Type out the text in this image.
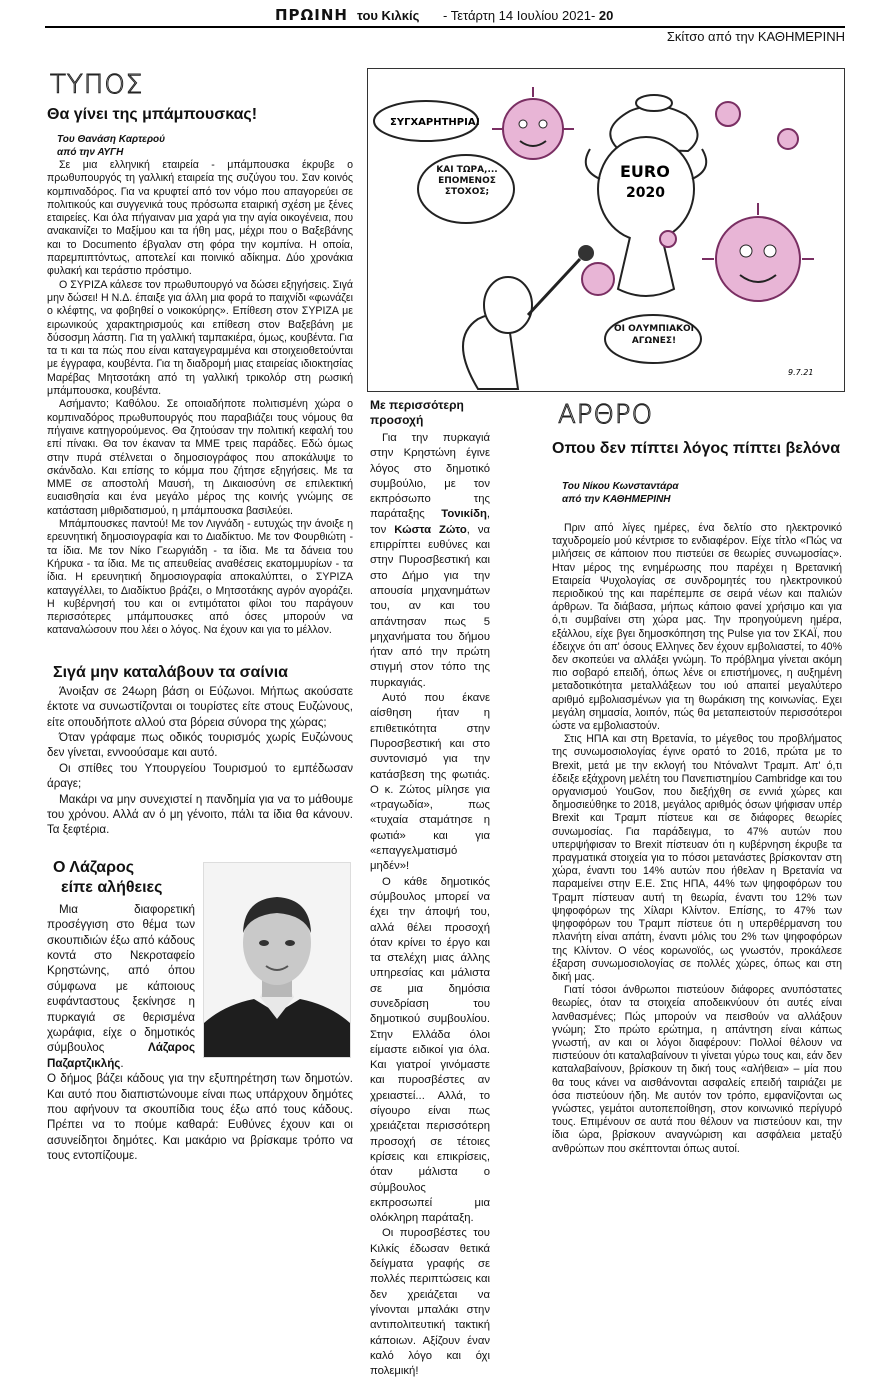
ΠΡΩΙΝΗ του Κιλκίς - Τετάρτη 14 Ιουλίου 2021- 20
Σκίτσο από την ΚΑΘΗΜΕΡΙΝΗ
ΤΥΠΟΣ
Θα γίνει της μπάμπουσκας!
Του Θανάση Καρτερού
από την ΑΥΓΗ

Σε μια ελληνική εταιρεία - μπάμπουσκα έκρυβε ο πρωθυπουργός τη γαλλική εταιρεία της συζύγου του. Σαν κοινός κομπιναδόρος. Για να κρυφτεί από τον νόμο που απαγορεύει σε πολιτικούς και συγγενικά τους πρόσωπα εταιρική σχέση με ξένες εταιρείες. Και όλα πήγαιναν μια χαρά για την αγία οικογένεια, που ανακαινίζει το Μαξίμου και τα ήθη μας, μέχρι που ο Βαξεβάνης και το Documento έβγαλαν στη φόρα την κομπίνα. Η οποία, παρεμπιπτόντως, αποτελεί και ποινικό αδίκημα. Δύο χρονάκια φυλακή και τεράστιο πρόστιμο.

Ο ΣΥΡΙΖΑ κάλεσε τον πρωθυπουργό να δώσει εξηγήσεις. Σιγά μην δώσει! Η Ν.Δ. έπαιξε για άλλη μια φορά το παιχνίδι «φωνάζει ο κλέφτης, να φοβηθεί ο νοικοκύρης». Επίθεση στον ΣΥΡΙΖΑ με ειρωνικούς χαρακτηρισμούς και επίθεση στον Βαξεβάνη με δύσοσμη λάσπη. Για τη γαλλική ταμπακιέρα, όμως, κουβέντα. Για τα τι και τα πώς που είναι καταγεγραμμένα και στοιχειοθετούνται με έγγραφα, κουβέντα. Για τη διαδρομή μιας εταιρείας ιδιοκτησίας Μαρέβας Μητσοτάκη από τη γαλλική τρικολόρ στη ρωσική μπάμπουσκα, κουβέντα.

Ασήμαντο; Καθόλου. Σε οποιαδήποτε πολιτισμένη χώρα ο κομπιναδόρος πρωθυπουργός που παραβιάζει τους νόμους θα πήγαινε κατηγορούμενος. Θα ζητούσαν την πολιτική κεφαλή του επί πίνακι. Θα τον έκαναν τα ΜΜΕ τρεις παράδες. Εδώ όμως στην πυρά στέλνεται ο δημοσιογράφος που αποκάλυψε το σκάνδαλο. Και επίσης το κόμμα που ζήτησε εξηγήσεις. Με τα ΜΜΕ σε αποστολή Μαυσή, τη Δικαιοσύνη σε επιλεκτική ευαισθησία και ένα μεγάλο μέρος της κοινής γνώμης σε κατάσταση μιθριδατισμού, η μπάμπουσκα βασιλεύει.

Μπάμπουσκες παντού! Με τον Λιγνάδη - ευτυχώς την άνοιξε η ερευνητική δημοσιογραφία και το Διαδίκτυο. Με τον Φουρθιώτη - τα ίδια. Με τον Νίκο Γεωργιάδη - τα ίδια. Με τα δάνεια του Κήρυκα - τα ίδια. Με τις απευθείας αναθέσεις εκατομμυρίων - τα ίδια. Η ερευνητική δημοσιογραφία αποκαλύπτει, ο ΣΥΡΙΖΑ καταγγέλλει, το Διαδίκτυο βράζει, ο Μητσοτάκης αγρόν αγοράζει. Η κυβέρνησή του και οι εντιμότατοι φίλοι του παράγουν περισσότερες μπάμπουσκες από όσες μπορούν να καταναλώσουν που λέει ο λόγος. Να έχουν και για το μέλλον.

Σιγά μην καταλάβουν τα σαίνια

Άνοιξαν σε 24ωρη βάση οι Εύζωνοι. Μήπως ακούσατε έκτοτε να συνωστίζονται οι τουρίστες είτε στους Ευζώνους, είτε οπουδήποτε αλλού στα βόρεια σύνορα της χώρας;

Όταν γράφαμε πως οδικός τουρισμός χωρίς Ευζώνους δεν γίνεται, εννοούσαμε και αυτό.

Οι σπίθες του Υπουργείου Τουρισμού το εμπέδωσαν άραγε;

Μακάρι να μην συνεχιστεί η πανδημία για να το μάθουμε του χρόνου. Αλλά αν ό μη γένοιτο, πάλι τα ίδια θα κάνουν. Τα ξεφτέρια.

Ο Λάζαρος
είπε αλήθειες

Μια διαφορετική προσέγγιση στο θέμα των σκουπιδιών έξω από κάδους κοντά στο Νεκροταφείο Κρηστώνης, από όπου σύμφωνα με κάποιους ευφάνταστους ξεκίνησε η πυρκαγιά σε θερισμένα χωράφια, είχε ο δημοτικός σύμβουλος Λάζαρος Παζαρτζικλής.

Ο δήμος βάζει κάδους για την εξυπηρέτηση των δημοτών. Και αυτό που διαπιστώνουμε είναι πως υπάρχουν δημότες που αφήνουν τα σκουπίδια τους έξω από τους κάδους. Πρέπει να το πούμε καθαρά: Ευθύνες έχουν και οι ασυνείδητοι δημότες. Και μακάριο να βρίσκαμε τρόπο να τους εντοπίζουμε.

EURO
2020
ΣΥΓΧΑΡΗΤΗΡΙΑ!
ΚΑΙ ΤΩΡΑ,... ΕΠΟΜΕΝΟΣ ΣΤΟΧΟΣ;
ΟΙ ΟΛΥΜΠΙΑΚΟΙ ΑΓΩΝΕΣ!
9.7.21
Με περισσότερη προσοχή

Για την πυρκαγιά στην Κρηστώνη έγινε λόγος στο δημοτικό συμβούλιο, με τον εκπρόσωπο της παράταξης Τονικίδη, τον Κώστα Ζώτο, να επιρρίπτει ευθύνες και στην Πυροσβεστική και στο Δήμο για την απουσία μηχανημάτων του, αν και του απάντησαν πως 5 μηχανήματα του δήμου ήταν από την πρώτη στιγμή στον τόπο της πυρκαγιάς.

Αυτό που έκανε αίσθηση ήταν η επιθετικότητα στην Πυροσβεστική και στο συντονισμό για την κατάσβεση της φωτιάς. Ο κ. Ζώτος μίλησε για «τραγωδία», πως «τυχαία σταμάτησε η φωτιά» και για «επαγγελματισμό μηδέν»!

Ο κάθε δημοτικός σύμβουλος μπορεί να έχει την άποψή του, αλλά θέλει προσοχή όταν κρίνει το έργο και τα στελέχη μιας άλλης υπηρεσίας και μάλιστα σε μια δημόσια συνεδρίαση του δημοτικού συμβουλίου. Στην Ελλάδα όλοι είμαστε ειδικοί για όλα. Και γιατροί γινόμαστε και πυροσβέστες αν χρειαστεί... Αλλά, το σίγουρο είναι πως χρειάζεται περισσότερη προσοχή σε τέτοιες κρίσεις και επικρίσεις, όταν μάλιστα ο σύμβουλος εκπροσωπεί μια ολόκληρη παράταξη.

Οι πυροσβέστες του Κιλκίς έδωσαν θετικά δείγματα γραφής σε πολλές περιπτώσεις και δεν χρειάζεται να γίνονται μπαλάκι στην αντιπολιτευτική τακτική κάποιων. Αξίζουν έναν καλό λόγο και όχι πολεμική!

ΑΡΘΡΟ
Οπου δεν πίπτει λόγος πίπτει βελόνα
Του Νίκου Κωνσταντάρα
από την ΚΑΘΗΜΕΡΙΝΗ

Πριν από λίγες ημέρες, ένα δελτίο στο ηλεκτρονικό ταχυδρομείο μού κέντρισε το ενδιαφέρον. Είχε τίτλο «Πώς να μιλήσεις σε κάποιον που πιστεύει σε θεωρίες συνωμοσίας». Ηταν μέρος της ενημέρωσης που παρέχει η Βρετανική Εταιρεία Ψυχολογίας σε συνδρομητές του ηλεκτρονικού περιοδικού της και παρέπεμπε σε σειρά νέων και παλιών άρθρων. Τα διάβασα, μήπως κάποιο φανεί χρήσιμο και για ό,τι συμβαίνει στη χώρα μας. Την προηγούμενη ημέρα, εξάλλου, είχε βγει δημοσκόπηση της Pulse για τον ΣΚΑΪ, που έδειχνε ότι απ' όσους Ελληνες δεν έχουν εμβολιαστεί, το 40% δεν σκοπεύει να αλλάξει γνώμη. Το πρόβλημα γίνεται ακόμη πιο σοβαρό επειδή, όπως λένε οι επιστήμονες, η αυξημένη μεταδοτικότητα μεταλλάξεων του ιού απαιτεί μεγαλύτερο αριθμό εμβολιασμένων για τη θωράκιση της κοινωνίας. Εχει μεγάλη σημασία, λοιπόν, πώς θα μεταπειστούν περισσότεροι ώστε να εμβολιαστούν.

Στις ΗΠΑ και στη Βρετανία, το μέγεθος του προβλήματος της συνωμοσιολογίας έγινε ορατό το 2016, πρώτα με το Brexit, μετά με την εκλογή του Ντόναλντ Τραμπ. Απ' ό,τι έδειξε εξάχρονη μελέτη του Πανεπιστημίου Cambridge και του οργανισμού YouGov, που διεξήχθη σε εννιά χώρες και δημοσιεύθηκε το 2018, μεγάλος αριθμός όσων ψήφισαν υπέρ Brexit και Τραμπ πίστευε και σε διάφορες θεωρίες συνωμοσίας. Για παράδειγμα, το 47% αυτών που υπερψήφισαν το Brexit πίστευαν ότι η κυβέρνηση έκρυβε τα πραγματικά στοιχεία για το πόσοι μετανάστες βρίσκονταν στη χώρα, έναντι του 14% αυτών που ήθελαν η Βρετανία να παραμείνει στην Ε.Ε. Στις ΗΠΑ, 44% των ψηφοφόρων του Τραμπ πίστευαν αυτή τη θεωρία, έναντι του 12% των ψηφοφόρων της Χίλαρι Κλίντον. Επίσης, το 47% των ψηφοφόρων του Τραμπ πίστευε ότι η υπερθέρμανση του πλανήτη είναι απάτη, έναντι μόλις του 2% των ψηφοφόρων της Κλίντον. Ο νέος κορωνοϊός, ως γνωστόν, προκάλεσε έξαρση συνωμοσιολογίας σε πολλές χώρες, όπως και στη δική μας.

Γιατί τόσοι άνθρωποι πιστεύουν διάφορες ανυπόστατες θεωρίες, όταν τα στοιχεία αποδεικνύουν ότι αυτές είναι λανθασμένες; Πώς μπορούν να πεισθούν να αλλάξουν γνώμη; Στο πρώτο ερώτημα, η απάντηση είναι κάπως γνωστή, αν και οι λόγοι διαφέρουν: Πολλοί θέλουν να πιστεύουν ότι καταλαβαίνουν τι γίνεται γύρω τους και, εάν δεν καταλαβαίνουν, βρίσκουν τη δική τους «αλήθεια» – μία που θα τους κάνει να αισθάνονται ασφαλείς επειδή ταιριάζει με όσα πιστεύουν ήδη. Με αυτόν τον τρόπο, εμφανίζονται ως γνώστες, γεμάτοι αυτοπεποίθηση, στον κοινωνικό περίγυρό τους. Επιμένουν σε αυτά που θέλουν να πιστεύουν και, την ίδια ώρα, βρίσκουν αναγνώριση και ασφάλεια μεταξύ ανθρώπων που σκέπτονται όπως αυτοί.
